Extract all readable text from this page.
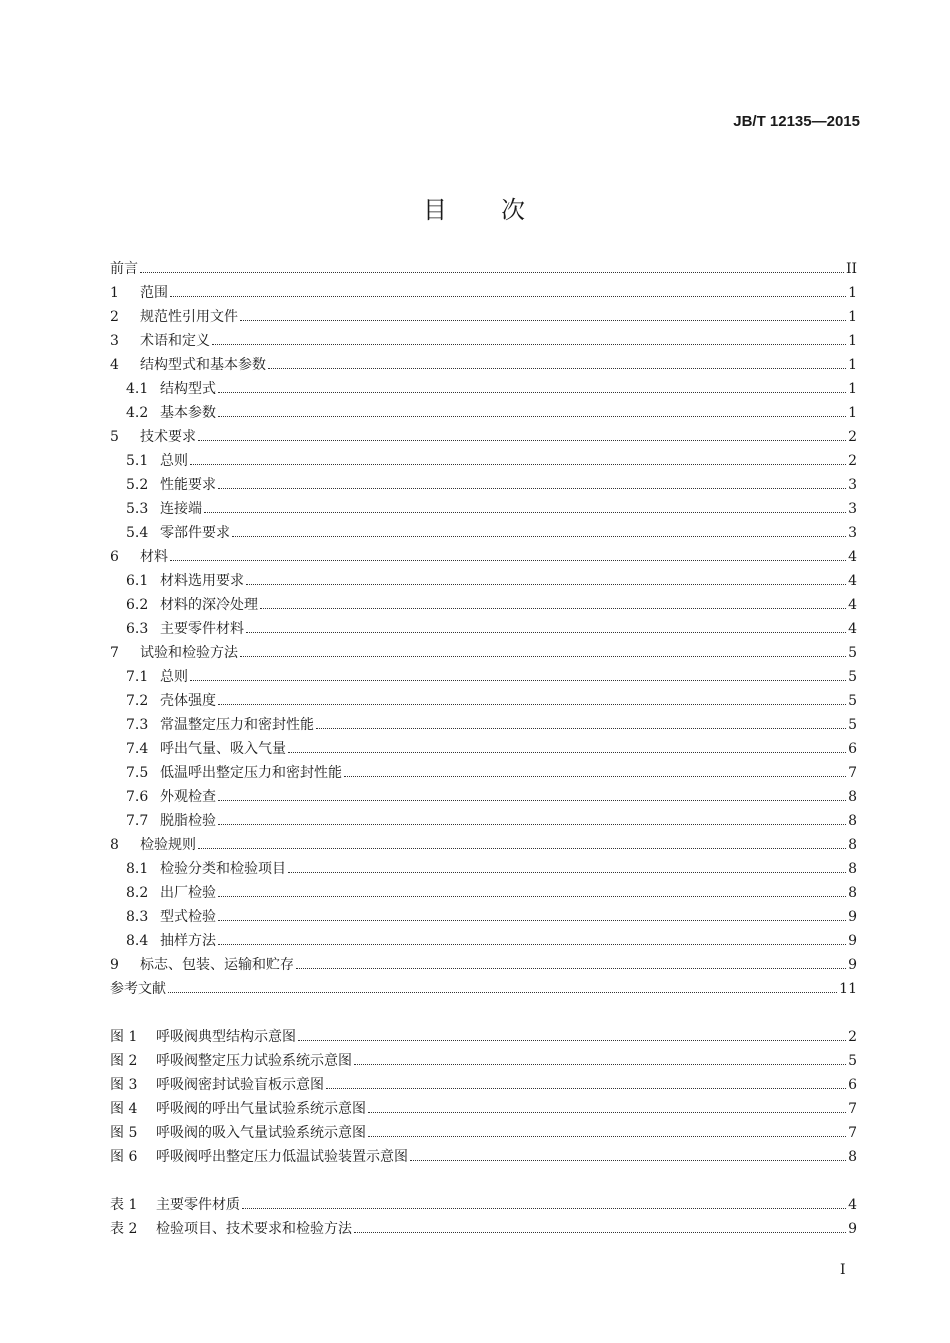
JB/T 12135—2015
目 次
前言	II
1	范围	1
2	规范性引用文件	1
3	术语和定义	1
4	结构型式和基本参数	1
4.1 结构型式	1
4.2 基本参数	1
5	技术要求	2
5.1 总则	2
5.2 性能要求	3
5.3 连接端	3
5.4 零部件要求	3
6	材料	4
6.1 材料选用要求	4
6.2 材料的深冷处理	4
6.3 主要零件材料	4
7	试验和检验方法	5
7.1 总则	5
7.2 壳体强度	5
7.3 常温整定压力和密封性能	5
7.4 呼出气量、吸入气量	6
7.5 低温呼出整定压力和密封性能	7
7.6 外观检查	8
7.7 脱脂检验	8
8	检验规则	8
8.1 检验分类和检验项目	8
8.2 出厂检验	8
8.3 型式检验	9
8.4 抽样方法	9
9	标志、包装、运输和贮存	9
参考文献	11
图 1	呼吸阀典型结构示意图	2
图 2	呼吸阀整定压力试验系统示意图	5
图 3	呼吸阀密封试验盲板示意图	6
图 4	呼吸阀的呼出气量试验系统示意图	7
图 5	呼吸阀的吸入气量试验系统示意图	7
图 6	呼吸阀呼出整定压力低温试验装置示意图	8
表 1	主要零件材质	4
表 2	检验项目、技术要求和检验方法	9
I
